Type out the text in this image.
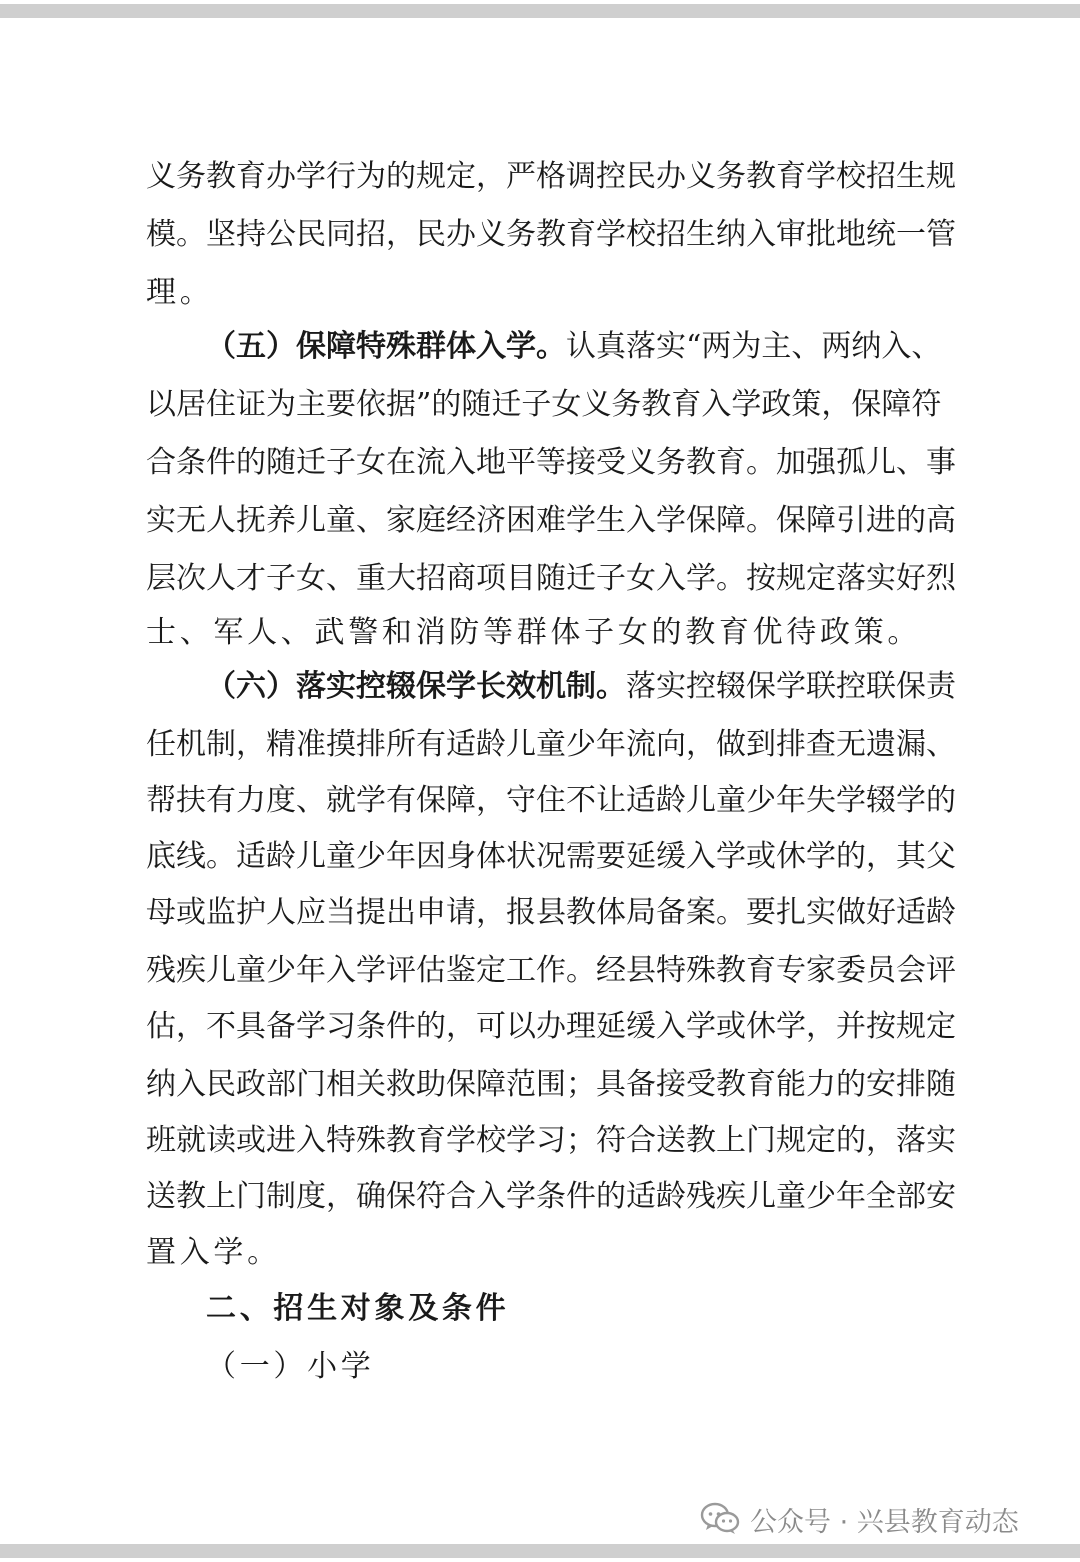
义务教育办学行为的规定，严格调控民办义务教育学校招生规
模。坚持公民同招，民办义务教育学校招生纳入审批地统一管
理。
（五）保障特殊群体入学。认真落实“两为主、两纳入、
以居住证为主要依据”的随迁子女义务教育入学政策，保障符
合条件的随迁子女在流入地平等接受义务教育。加强孤儿、事
实无人抚养儿童、家庭经济困难学生入学保障。保障引进的高
层次人才子女、重大招商项目随迁子女入学。按规定落实好烈
士、军人、武警和消防等群体子女的教育优待政策。
（六）落实控辍保学长效机制。落实控辍保学联控联保责
任机制，精准摸排所有适龄儿童少年流向，做到排查无遗漏、
帮扶有力度、就学有保障，守住不让适龄儿童少年失学辍学的
底线。适龄儿童少年因身体状况需要延缓入学或休学的，其父
母或监护人应当提出申请，报县教体局备案。要扎实做好适龄
残疾儿童少年入学评估鉴定工作。经县特殊教育专家委员会评
估，不具备学习条件的，可以办理延缓入学或休学，并按规定
纳入民政部门相关救助保障范围；具备接受教育能力的安排随
班就读或进入特殊教育学校学习；符合送教上门规定的，落实
送教上门制度，确保符合入学条件的适龄残疾儿童少年全部安
置入学。
二、招生对象及条件
（一）小学
公众号 · 兴县教育动态
